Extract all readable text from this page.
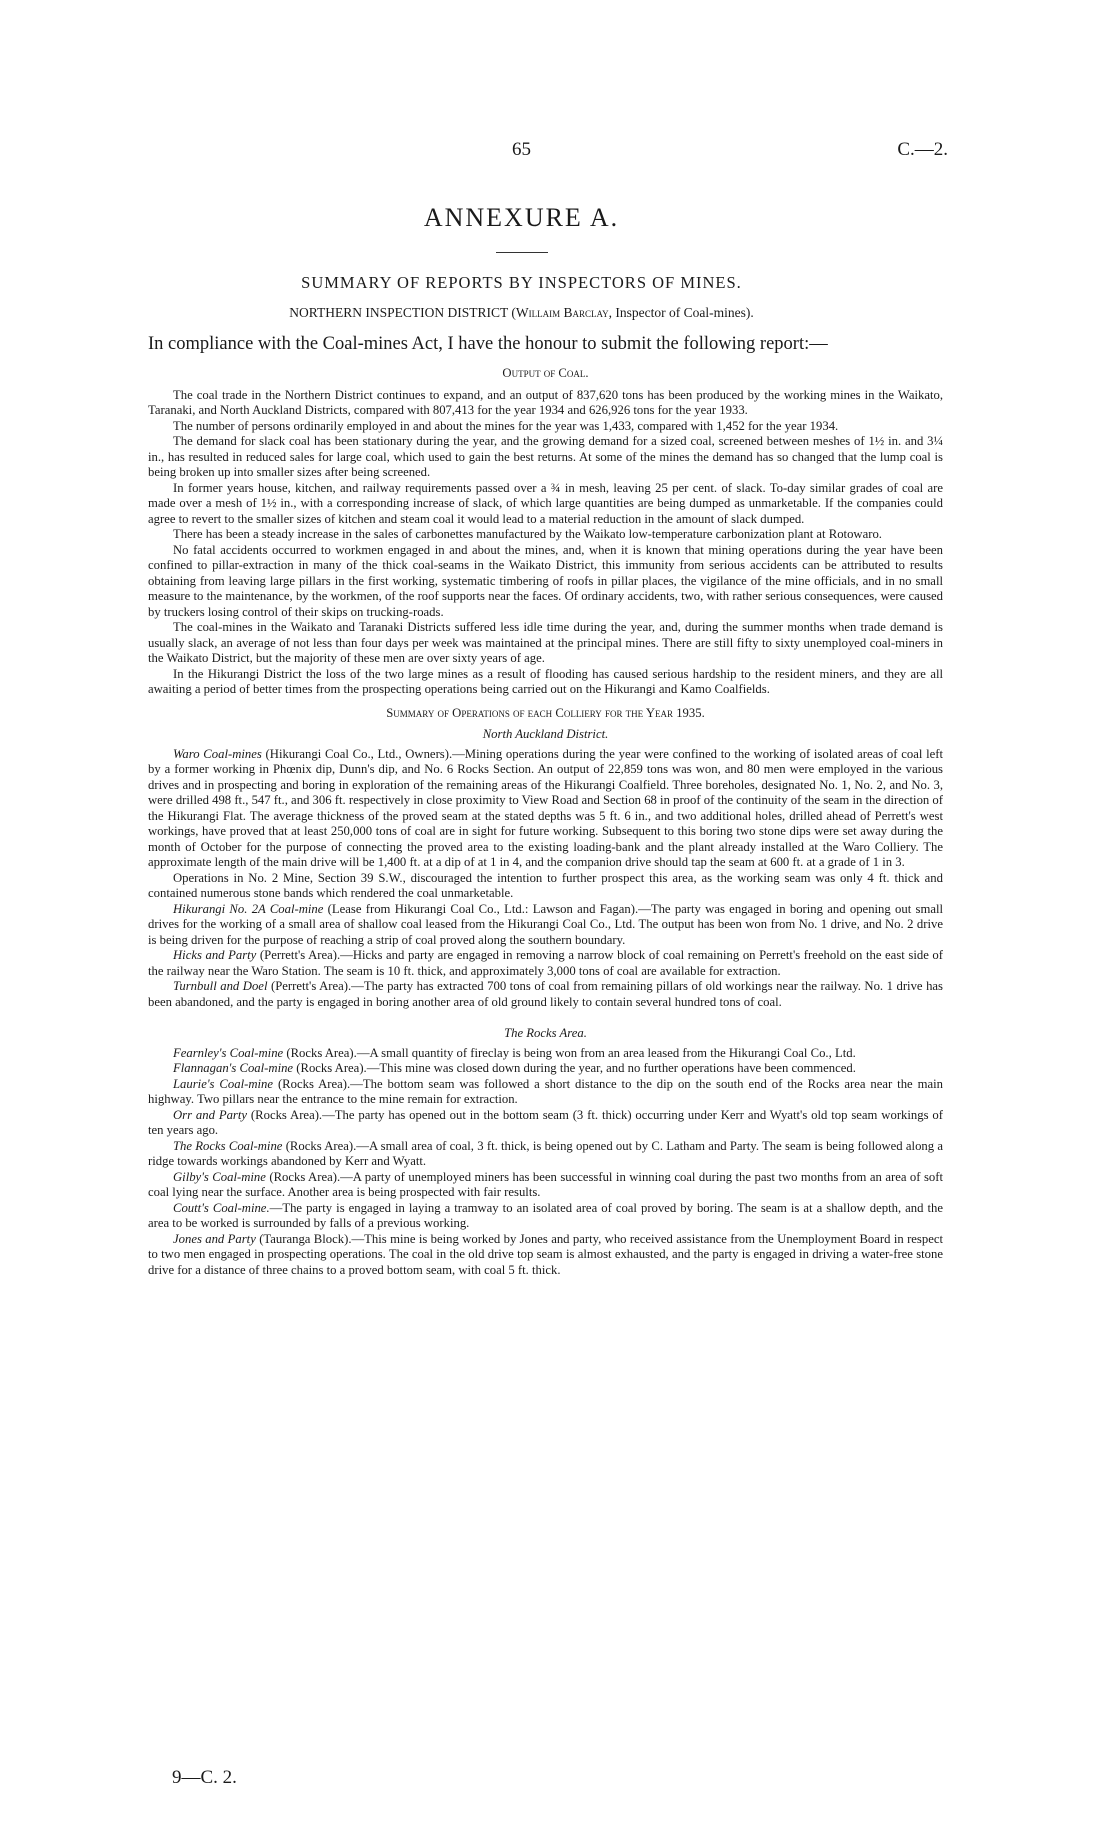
65	C.—2.
ANNEXURE A.
SUMMARY OF REPORTS BY INSPECTORS OF MINES.
NORTHERN INSPECTION DISTRICT (Willaim Barclay, Inspector of Coal-mines).
In compliance with the Coal-mines Act, I have the honour to submit the following report:—
Output of Coal.

The coal trade in the Northern District continues to expand, and an output of 837,620 tons has been produced by the working mines in the Waikato, Taranaki, and North Auckland Districts, compared with 807,413 for the year 1934 and 626,926 tons for the year 1933.

The number of persons ordinarily employed in and about the mines for the year was 1,433, compared with 1,452 for the year 1934.

The demand for slack coal has been stationary during the year, and the growing demand for a sized coal, screened between meshes of 1½ in. and 3¼ in., has resulted in reduced sales for large coal, which used to gain the best returns. At some of the mines the demand has so changed that the lump coal is being broken up into smaller sizes after being screened.

In former years house, kitchen, and railway requirements passed over a ¾ in mesh, leaving 25 per cent. of slack. To-day similar grades of coal are made over a mesh of 1½ in., with a corresponding increase of slack, of which large quantities are being dumped as unmarketable. If the companies could agree to revert to the smaller sizes of kitchen and steam coal it would lead to a material reduction in the amount of slack dumped.

There has been a steady increase in the sales of carbonettes manufactured by the Waikato low-temperature carbonization plant at Rotowaro.

No fatal accidents occurred to workmen engaged in and about the mines, and, when it is known that mining operations during the year have been confined to pillar-extraction in many of the thick coal-seams in the Waikato District, this immunity from serious accidents can be attributed to results obtaining from leaving large pillars in the first working, systematic timbering of roofs in pillar places, the vigilance of the mine officials, and in no small measure to the maintenance, by the workmen, of the roof supports near the faces. Of ordinary accidents, two, with rather serious consequences, were caused by truckers losing control of their skips on trucking-roads.

The coal-mines in the Waikato and Taranaki Districts suffered less idle time during the year, and, during the summer months when trade demand is usually slack, an average of not less than four days per week was maintained at the principal mines. There are still fifty to sixty unemployed coal-miners in the Waikato District, but the majority of these men are over sixty years of age.

In the Hikurangi District the loss of the two large mines as a result of flooding has caused serious hardship to the resident miners, and they are all awaiting a period of better times from the prospecting operations being carried out on the Hikurangi and Kamo Coalfields.

Summary of Operations of each Colliery for the Year 1935.
North Auckland District.

Waro Coal-mines (Hikurangi Coal Co., Ltd., Owners).—Mining operations during the year were confined to the working of isolated areas of coal left by a former working in Phœnix dip, Dunn's dip, and No. 6 Rocks Section. An output of 22,859 tons was won, and 80 men were employed in the various drives and in prospecting and boring in exploration of the remaining areas of the Hikurangi Coalfield. Three boreholes, designated No. 1, No. 2, and No. 3, were drilled 498 ft., 547 ft., and 306 ft. respectively in close proximity to View Road and Section 68 in proof of the continuity of the seam in the direction of the Hikurangi Flat. The average thickness of the proved seam at the stated depths was 5 ft. 6 in., and two additional holes, drilled ahead of Perrett's west workings, have proved that at least 250,000 tons of coal are in sight for future working. Subsequent to this boring two stone dips were set away during the month of October for the purpose of connecting the proved area to the existing loading-bank and the plant already installed at the Waro Colliery. The approximate length of the main drive will be 1,400 ft. at a dip of at 1 in 4, and the companion drive should tap the seam at 600 ft. at a grade of 1 in 3.

Operations in No. 2 Mine, Section 39 S.W., discouraged the intention to further prospect this area, as the working seam was only 4 ft. thick and contained numerous stone bands which rendered the coal unmarketable.

Hikurangi No. 2A Coal-mine (Lease from Hikurangi Coal Co., Ltd.: Lawson and Fagan).—The party was engaged in boring and opening out small drives for the working of a small area of shallow coal leased from the Hikurangi Coal Co., Ltd. The output has been won from No. 1 drive, and No. 2 drive is being driven for the purpose of reaching a strip of coal proved along the southern boundary.

Hicks and Party (Perrett's Area).—Hicks and party are engaged in removing a narrow block of coal remaining on Perrett's freehold on the east side of the railway near the Waro Station. The seam is 10 ft. thick, and approximately 3,000 tons of coal are available for extraction.

Turnbull and Doel (Perrett's Area).—The party has extracted 700 tons of coal from remaining pillars of old workings near the railway. No. 1 drive has been abandoned, and the party is engaged in boring another area of old ground likely to contain several hundred tons of coal.

The Rocks Area.

Fearnley's Coal-mine (Rocks Area).—A small quantity of fireclay is being won from an area leased from the Hikurangi Coal Co., Ltd.

Flannagan's Coal-mine (Rocks Area).—This mine was closed down during the year, and no further operations have been commenced.

Laurie's Coal-mine (Rocks Area).—The bottom seam was followed a short distance to the dip on the south end of the Rocks area near the main highway. Two pillars near the entrance to the mine remain for extraction.

Orr and Party (Rocks Area).—The party has opened out in the bottom seam (3 ft. thick) occurring under Kerr and Wyatt's old top seam workings of ten years ago.

The Rocks Coal-mine (Rocks Area).—A small area of coal, 3 ft. thick, is being opened out by C. Latham and Party. The seam is being followed along a ridge towards workings abandoned by Kerr and Wyatt.

Gilby's Coal-mine (Rocks Area).—A party of unemployed miners has been successful in winning coal during the past two months from an area of soft coal lying near the surface. Another area is being prospected with fair results.

Coutt's Coal-mine.—The party is engaged in laying a tramway to an isolated area of coal proved by boring. The seam is at a shallow depth, and the area to be worked is surrounded by falls of a previous working.

Jones and Party (Tauranga Block).—This mine is being worked by Jones and party, who received assistance from the Unemployment Board in respect to two men engaged in prospecting operations. The coal in the old drive top seam is almost exhausted, and the party is engaged in driving a water-free stone drive for a distance of three chains to a proved bottom seam, with coal 5 ft. thick.

9—C. 2.
